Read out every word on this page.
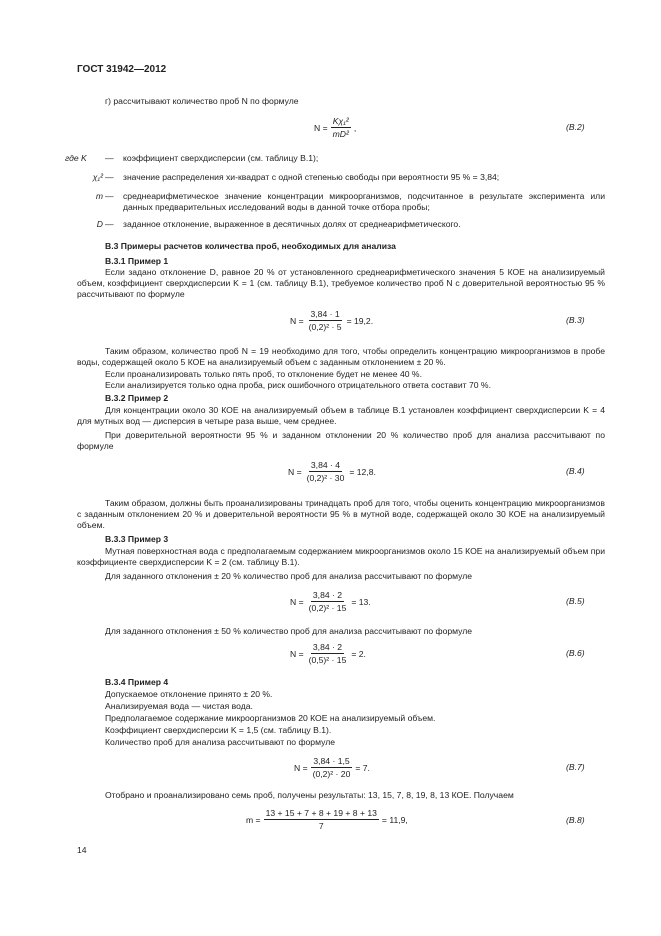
ГОСТ 31942—2012

г) рассчитывают количество проб N по формуле

$N = \frac{\text{Kχ₁²}}{\text{mD²}}$ ,	(В.2)
где K	— коэффициент сверхдисперсии (см. таблицу В.1);
χ₁² — значение распределения хи-квадрат с одной степенью свободы при вероятности 95 % = 3,84;
m — среднеарифметическое значение концентрации микроорганизмов, подсчитанное в результате эксперимента или данных предварительных исследований воды в данной точке отбора пробы;
D — заданное отклонение, выраженное в десятичных долях от среднеарифметического.
В.3 Примеры расчетов количества проб, необходимых для анализа
В.3.1 Пример 1

Если задано отклонение D, равное 20 % от установленного среднеарифметического значения 5 КОЕ на анализируемый объем, коэффициент сверхдисперсии K = 1 (см. таблицу В.1), требуемое количество проб N с доверительной вероятностью 95 % рассчитывают по формуле

$N = \frac{3,84 \cdot 1}{\text{(0,2)² · 5}} = 19,2$.	(В.3)

Таким образом, количество проб N = 19 необходимо для того, чтобы определить концентрацию микроорганизмов в пробе воды, содержащей около 5 КОЕ на анализируемый объем с заданным отклонением ± 20 %.

Если проанализировать только пять проб, то отклонение будет не менее 40 %.

Если анализируется только одна проба, риск ошибочного отрицательного ответа составит 70 %.

В.3.2 Пример 2

Для концентрации около 30 КОЕ на анализируемый объем в таблице В.1 установлен коэффициент сверхдисперсии K = 4 для мутных вод — дисперсия в четыре раза выше, чем среднее.

При доверительной вероятности 95 % и заданном отклонении 20 % количество проб для анализа рассчитывают по формуле

$N = \frac{3,84 \cdot 4}{\text{(0,2)² · 30}} = 12,8$.	(В.4)

Таким образом, должны быть проанализированы тринадцать проб для того, чтобы оценить концентрацию микроорганизмов с заданным отклонением 20 % и доверительной вероятности 95 % в мутной воде, содержащей около 30 КОЕ на анализируемый объем.

В.3.3 Пример 3

Мутная поверхностная вода с предполагаемым содержанием микроорганизмов около 15 КОЕ на анализируемый объем при коэффициенте сверхдисперсии K = 2 (см. таблицу В.1).

Для заданного отклонения ± 20 % количество проб для анализа рассчитывают по формуле

$N = \frac{3,84 \cdot 2}{\text{(0,2)² · 15}} = 13$.	(В.5)

Для заданного отклонения ± 50 % количество проб для анализа рассчитывают по формуле

$N = \frac{3,84 \cdot 2}{\text{(0,5)² · 15}} = 2$.	(В.6)
В.3.4 Пример 4

Допускаемое отклонение принято ± 20 %.

Анализируемая вода — чистая вода.

Предполагаемое содержание микроорганизмов 20 КОЕ на анализируемый объем.

Коэффициент сверхдисперсии K = 1,5 (см. таблицу В.1).

Количество проб для анализа рассчитывают по формуле

$N = \frac{3,84 \cdot 1,5}{\text{(0,2)² · 20}} = 7$.	(В.7)

Отобрано и проанализировано семь проб, получены результаты: 13, 15, 7, 8, 19, 8, 13 КОЕ. Получаем

$m = \frac{13 + 15 + 7 + 8 + 19 + 8 + 13}{7} = 11,9$,	(В.8)
14
